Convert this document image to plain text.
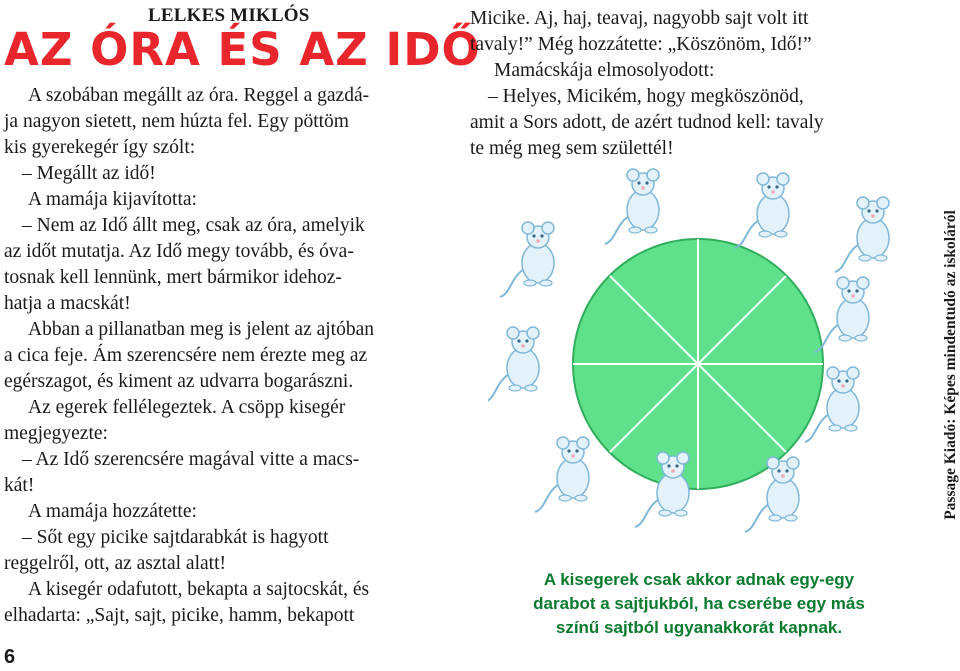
LELKES MIKLÓS
AZ ÓRA ÉS AZ IDŐ
A szobában megállt az óra. Reggel a gazdá-
ja nagyon sietett, nem húzta fel. Egy pöttöm
kis gyerekegér így szólt:
– Megállt az idő!
A mamája kijavította:
– Nem az Idő állt meg, csak az óra, amelyik
az időt mutatja. Az Idő megy tovább, és óva-
tosnak kell lennünk, mert bármikor idehoz-
hatja a macskát!
Abban a pillanatban meg is jelent az ajtóban
a cica feje. Ám szerencsére nem érezte meg az
egérszagot, és kiment az udvarra bogarászni.
Az egerek fellélegeztek. A csöpp kisegér
megjegyezte:
– Az Idő szerencsére magával vitte a macs-
kát!
A mamája hozzátette:
– Sőt egy picike sajtdarabkát is hagyott
reggelről, ott, az asztal alatt!
A kisegér odafutott, bekapta a sajtocskát, és
elhadarta: „Sajt, sajt, picike, hamm, bekapott
Micike. Aj, haj, teavaj, nagyobb sajt volt itt
tavaly!” Még hozzátette: „Köszönöm, Idő!”
Mamácskája elmosolyodott:
– Helyes, Micikém, hogy megköszönöd,
amit a Sors adott, de azért tudnod kell: tavaly
te még meg sem születtél!
A kisegerek csak akkor adnak egy-egy
darabot a sajtjukból, ha cserébe egy más
színű sajtból ugyanakkorát kapnak.
Passage Kiadó: Képes mindentudó az iskoláról
6
